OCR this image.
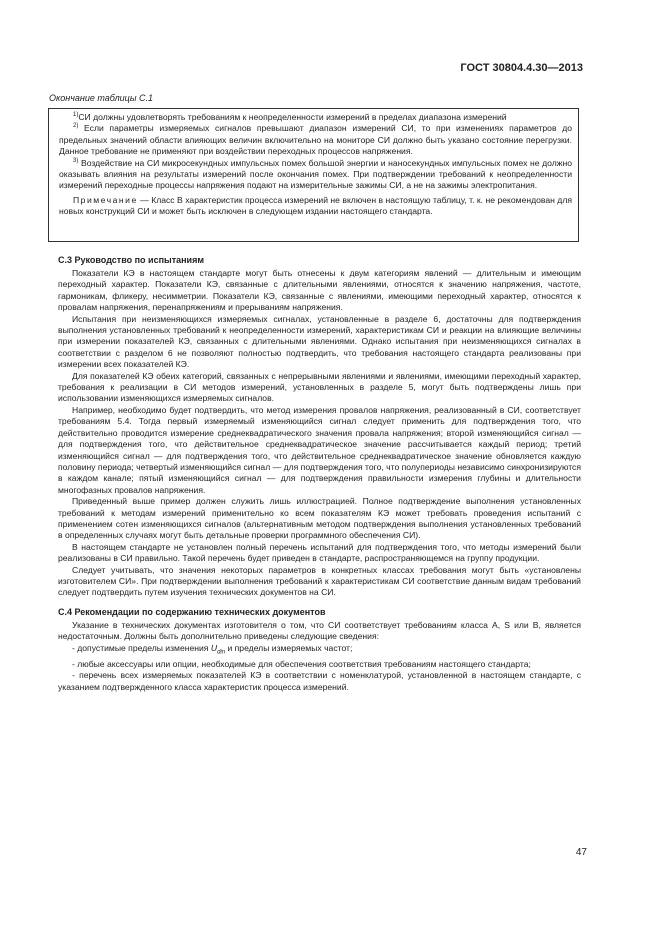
ГОСТ 30804.4.30—2013
Окончание таблицы С.1

$^{1)}$СИ должны удовлетворять требованиям к неопределенности измерений в пределах диапазона измерений

$^{2)}$ Если параметры измеряемых сигналов превышают диапазон измерений СИ, то при изменениях параметров до предельных значений области влияющих величин включительно на мониторе СИ должно быть указано состояние перегрузки. Данное требование не применяют при воздействии переходных процессов напряжения.

$^{3)}$ Воздействие на СИ микросекундных импульсных помех большой энергии и наносекундных импульсных помех не должно оказывать влияния на результаты измерений после окончания помех. При подтверждении требований к неопределенности измерений переходные процессы напряжения подают на измерительные зажимы СИ, а не на зажимы электропитания.

Примечание — Класс В характеристик процесса измерений не включен в настоящую таблицу, т. к. не рекомендован для новых конструкций СИ и может быть исключен в следующем издании настоящего стандарта.

С.3 Руководство по испытаниям

Показатели КЭ в настоящем стандарте могут быть отнесены к двум категориям явлений — длительным и имеющим переходный характер. Показатели КЭ, связанные с длительными явлениями, относятся к значению напряжения, частоте, гармоникам, фликеру, несимметрии. Показатели КЭ, связанные с явлениями, имеющими переходный характер, относятся к провалам напряжения, перенапряжениям и прерываниям напряжения.

Испытания при неизменяющихся измеряемых сигналах, установленные в разделе 6, достаточны для подтверждения выполнения установленных требований к неопределенности измерений, характеристикам СИ и реакции на влияющие величины при измерении показателей КЭ, связанных с длительными явлениями. Однако испытания при неизменяющихся сигналах в соответствии с разделом 6 не позволяют полностью подтвердить, что требования настоящего стандарта реализованы при измерении всех показателей КЭ.

Для показателей КЭ обеих категорий, связанных с непрерывными явлениями и явлениями, имеющими переходный характер, требования к реализации в СИ методов измерений, установленных в разделе 5, могут быть подтверждены лишь при использовании изменяющихся измеряемых сигналов.

Например, необходимо будет подтвердить, что метод измерения провалов напряжения, реализованный в СИ, соответствует требованиям 5.4. Тогда первый измеряемый изменяющийся сигнал следует применить для подтверждения того, что действительно проводится измерение среднеквадратического значения провала напряжения; второй изменяющийся сигнал — для подтверждения того, что действительное среднеквадратическое значение рассчитывается каждый период; третий изменяющийся сигнал — для подтверждения того, что действительное среднеквадратическое значение обновляется каждую половину периода; четвертый изменяющийся сигнал — для подтверждения того, что полупериоды независимо синхронизируются в каждом канале; пятый изменяющийся сигнал — для подтверждения правильности измерения глубины и длительности многофазных провалов напряжения.

Приведенный выше пример должен служить лишь иллюстрацией. Полное подтверждение выполнения установленных требований к методам измерений применительно ко всем показателям КЭ может требовать проведения испытаний с применением сотен изменяющихся сигналов (альтернативным методом подтверждения выполнения установленных требований в определенных случаях могут быть детальные проверки программного обеспечения СИ).

В настоящем стандарте не установлен полный перечень испытаний для подтверждения того, что методы измерений были реализованы в СИ правильно. Такой перечень будет приведен в стандарте, распространяющемся на группу продукции.

Следует учитывать, что значения некоторых параметров в конкретных классах требования могут быть «установлены изготовителем СИ». При подтверждении выполнения требований к характеристикам СИ соответствие данным видам требований следует подтвердить путем изучения технических документов на СИ.

С.4 Рекомендации по содержанию технических документов

Указание в технических документах изготовителя о том, что СИ соответствует требованиям класса А, S или В, является недостаточным. Должны быть дополнительно приведены следующие сведения:

- допустимые пределы изменения $U_{din}$ и пределы измеряемых частот;

- любые аксессуары или опции, необходимые для обеспечения соответствия требованиям настоящего стандарта;

- перечень всех измеряемых показателей КЭ в соответствии с номенклатурой, установленной в настоящем стандарте, с указанием подтвержденного класса характеристик процесса измерений.

47
